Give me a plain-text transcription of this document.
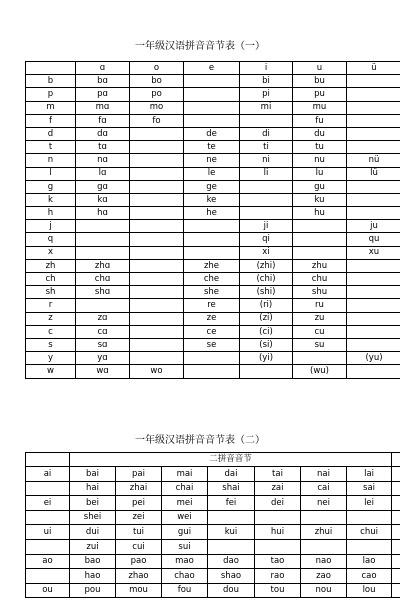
一年级汉语拼音音节表（一）
	ɑ	o	e	i	u	ü	
b	bɑ	bo		bi	bu		
p	pɑ	po		pi	pu		
m	mɑ	mo		mi	mu		
f	fɑ	fo			fu		
d	dɑ		de	di	du		
t	tɑ		te	ti	tu		
n	nɑ		ne	ni	nu	nü	
l	lɑ		le	li	lu	lü	
g	gɑ		ge		gu		
k	kɑ		ke		ku		
h	hɑ		he		hu		
j				ji		ju	
q				qi		qu	
x				xi		xu	
zh	zhɑ		zhe	(zhi)	zhu		
ch	chɑ		che	(chi)	chu		
sh	shɑ		she	(shi)	shu		
r			re	(ri)	ru		
z	zɑ		ze	(zi)	zu		
c	cɑ		ce	(ci)	cu		
s	sɑ		se	(si)	su		
y	yɑ			(yi)		(yu)	
w	wɑ	wo			(wu)		
一年级汉语拼音音节表（二）
	二拼音音节							
ai	bai	pai	mai	dai	tai	nai	lai	
	hai	zhai	chai	shai	zai	cai	sai	
ei	bei	pei	mei	fei	dei	nei	lei	
	shei	zei	wei					
ui	dui	tui	gui	kui	hui	zhui	chui	
	zui	cui	sui					
ao	bao	pao	mao	dao	tao	nao	lao	
	hao	zhao	chao	shao	rao	zao	cao	
ou	pou	mou	fou	dou	tou	nou	lou	
